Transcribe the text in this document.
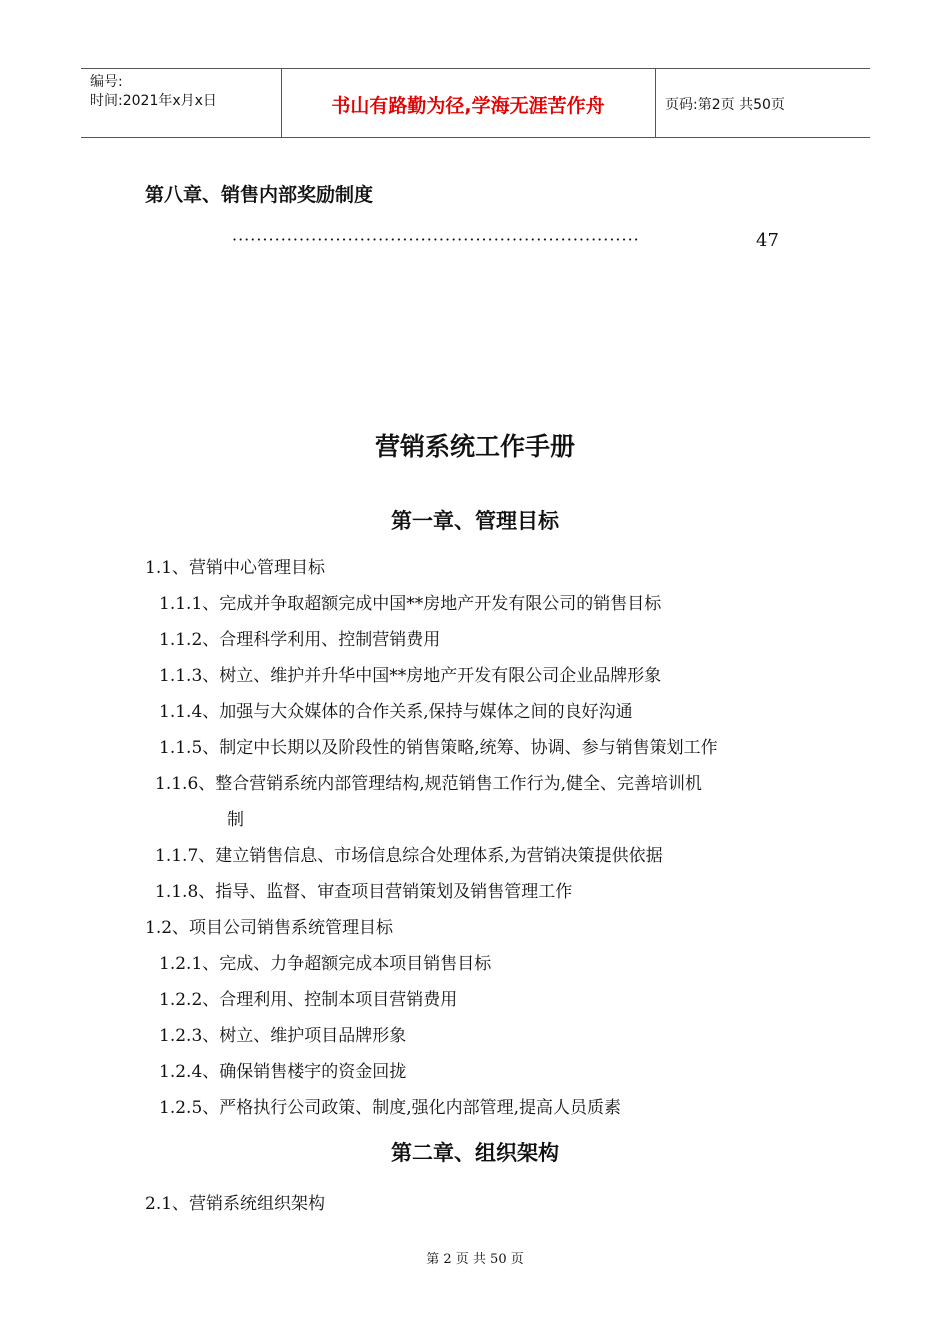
编号:
时间:2021年x月x日	书山有路勤为径,学海无涯苦作舟	页码:第2页 共50页
第八章、销售内部奖励制度
···································································	47
营销系统工作手册
第一章、管理目标
1.1、营销中心管理目标
1.1.1、完成并争取超额完成中国**房地产开发有限公司的销售目标
1.1.2、合理科学利用、控制营销费用
1.1.3、树立、维护并升华中国**房地产开发有限公司企业品牌形象
1.1.4、加强与大众媒体的合作关系,保持与媒体之间的良好沟通
1.1.5、制定中长期以及阶段性的销售策略,统筹、协调、参与销售策划工作
1.1.6、整合营销系统内部管理结构,规范销售工作行为,健全、完善培训机
制
1.1.7、建立销售信息、市场信息综合处理体系,为营销决策提供依据
1.1.8、指导、监督、审查项目营销策划及销售管理工作
1.2、项目公司销售系统管理目标
1.2.1、完成、力争超额完成本项目销售目标
1.2.2、合理利用、控制本项目营销费用
1.2.3、树立、维护项目品牌形象
1.2.4、确保销售楼宇的资金回拢
1.2.5、严格执行公司政策、制度,强化内部管理,提高人员质素
第二章、组织架构
2.1、营销系统组织架构
第 2 页 共 50 页
